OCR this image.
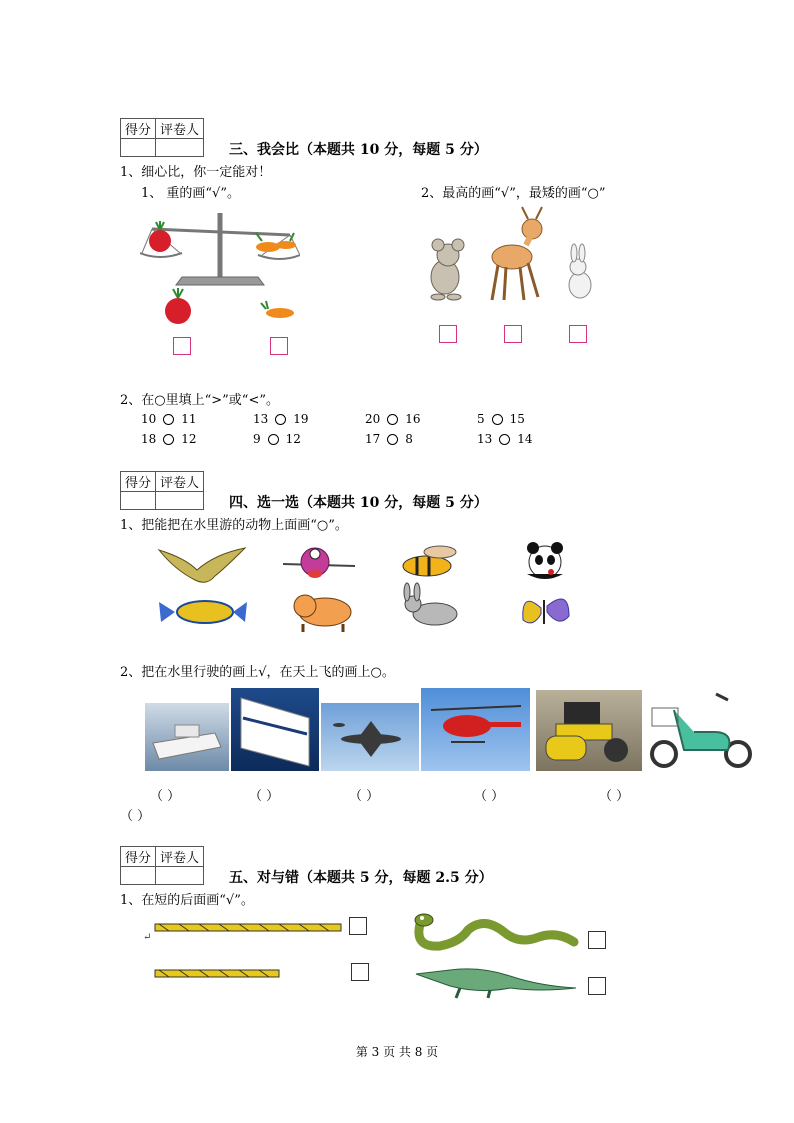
得分	评卷人

三、我会比（本题共 10 分，每题 5 分）
1、细心比，你一定能对！
1、 重的画“√”。	2、最高的画“√”，最矮的画“○”
2、在○里填上“>”或“<”。
10 11	13 19	20 16	5 15
18 12	9 12	17 8	13 14
得分	评卷人

四、选一选（本题共 10 分，每题 5 分）
1、把能把在水里游的动物上面画“○”。
2、把在水里行驶的画上√，在天上飞的画上○。
（ ）	（ ）	（ ）	（ ）	（ ）
（ ）
得分	评卷人

五、对与错（本题共 5 分，每题 2.5 分）
1、在短的后面画“√”。
↵
第 3 页 共 8 页
